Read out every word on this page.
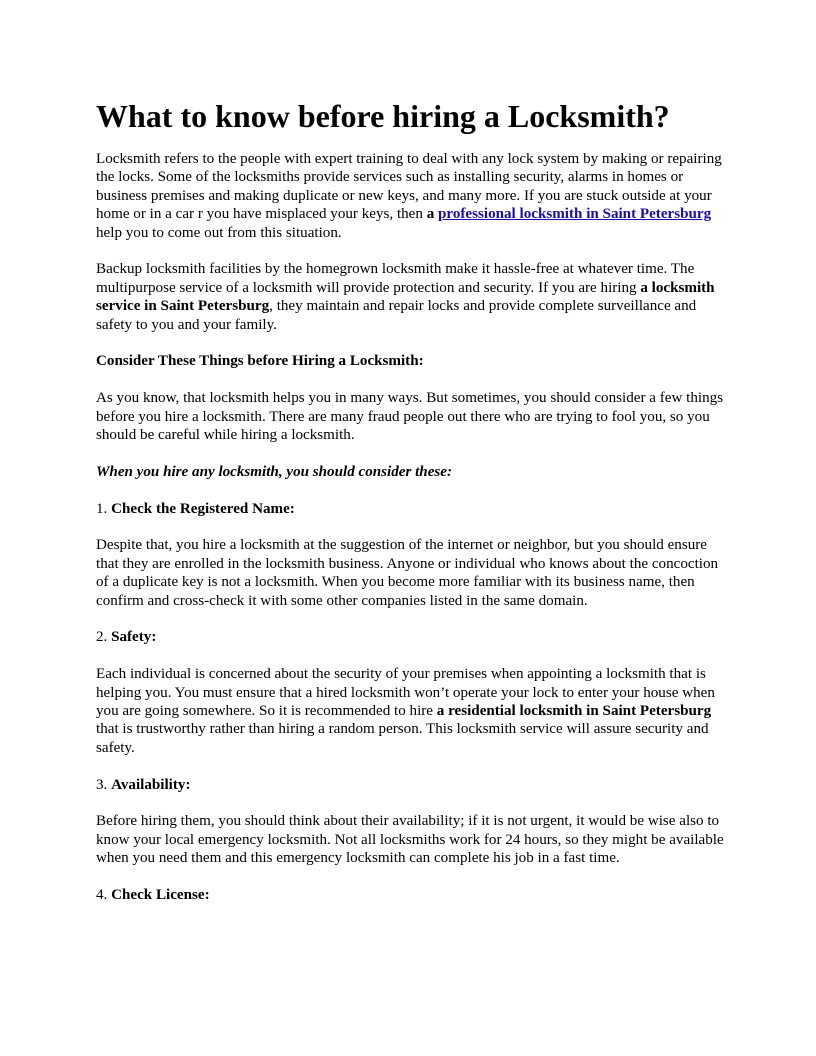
What to know before hiring a Locksmith?

Locksmith refers to the people with expert training to deal with any lock system by making or repairing the locks. Some of the locksmiths provide services such as installing security, alarms in homes or business premises and making duplicate or new keys, and many more. If you are stuck outside at your home or in a car r you have misplaced your keys, then a professional locksmith in Saint Petersburg help you to come out from this situation.

Backup locksmith facilities by the homegrown locksmith make it hassle-free at whatever time. The multipurpose service of a locksmith will provide protection and security. If you are hiring a locksmith service in Saint Petersburg, they maintain and repair locks and provide complete surveillance and safety to you and your family.

Consider These Things before Hiring a Locksmith:

As you know, that locksmith helps you in many ways. But sometimes, you should consider a few things before you hire a locksmith. There are many fraud people out there who are trying to fool you, so you should be careful while hiring a locksmith.

When you hire any locksmith, you should consider these:

1. Check the Registered Name:

Despite that, you hire a locksmith at the suggestion of the internet or neighbor, but you should ensure that they are enrolled in the locksmith business. Anyone or individual who knows about the concoction of a duplicate key is not a locksmith. When you become more familiar with its business name, then confirm and cross-check it with some other companies listed in the same domain.

2. Safety:

Each individual is concerned about the security of your premises when appointing a locksmith that is helping you. You must ensure that a hired locksmith won’t operate your lock to enter your house when you are going somewhere. So it is recommended to hire a residential locksmith in Saint Petersburg that is trustworthy rather than hiring a random person. This locksmith service will assure security and safety.

3. Availability:

Before hiring them, you should think about their availability; if it is not urgent, it would be wise also to know your local emergency locksmith. Not all locksmiths work for 24 hours, so they might be available when you need them and this emergency locksmith can complete his job in a fast time.

4. Check License:
